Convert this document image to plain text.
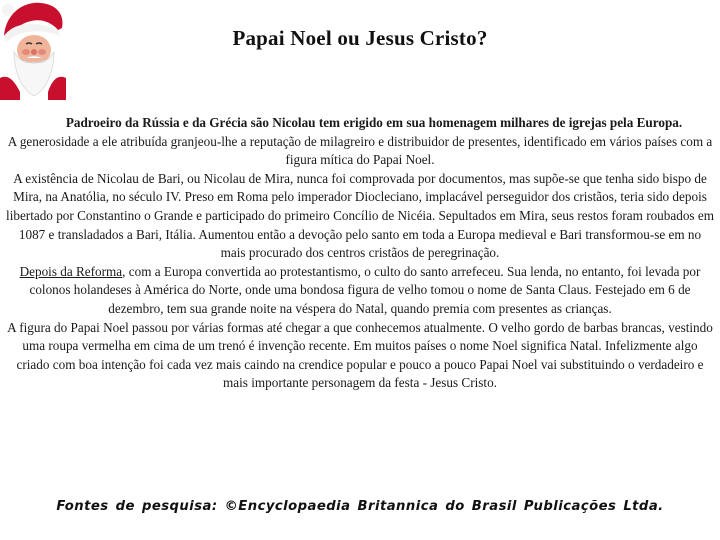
Papai Noel ou Jesus Cristo?

Padroeiro da Rússia e da Grécia são Nicolau tem erigido em sua homenagem milhares de igrejas pela Europa.

A generosidade a ele atribuída granjeou-lhe a reputação de milagreiro e distribuidor de presentes, identificado em vários países com a figura mítica do Papai Noel.

A existência de Nicolau de Bari, ou Nicolau de Mira, nunca foi comprovada por documentos, mas supõe-se que tenha sido bispo de Mira, na Anatólia, no século IV. Preso em Roma pelo imperador Diocleciano, implacável perseguidor dos cristãos, teria sido depois libertado por Constantino o Grande e participado do primeiro Concílio de Nicéia. Sepultados em Mira, seus restos foram roubados em 1087 e transladados a Bari, Itália. Aumentou então a devoção pelo santo em toda a Europa medieval e Bari transformou-se em no mais procurado dos centros cristãos de peregrinação.

Depois da Reforma, com a Europa convertida ao protestantismo, o culto do santo arrefeceu. Sua lenda, no entanto, foi levada por colonos holandeses à América do Norte, onde uma bondosa figura de velho tomou o nome de Santa Claus. Festejado em 6 de dezembro, tem sua grande noite na véspera do Natal, quando premia com presentes as crianças.

A figura do Papai Noel passou por várias formas até chegar a que conhecemos atualmente. O velho gordo de barbas brancas, vestindo uma roupa vermelha em cima de um trenó é invenção recente. Em muitos países o nome Noel significa Natal. Infelizmente algo criado com boa intenção foi cada vez mais caindo na crendice popular e pouco a pouco Papai Noel vai substituindo o verdadeiro e mais importante personagem da festa - Jesus Cristo.

Fontes de pesquisa: ©Encyclopaedia Britannica do Brasil Publicações Ltda.
